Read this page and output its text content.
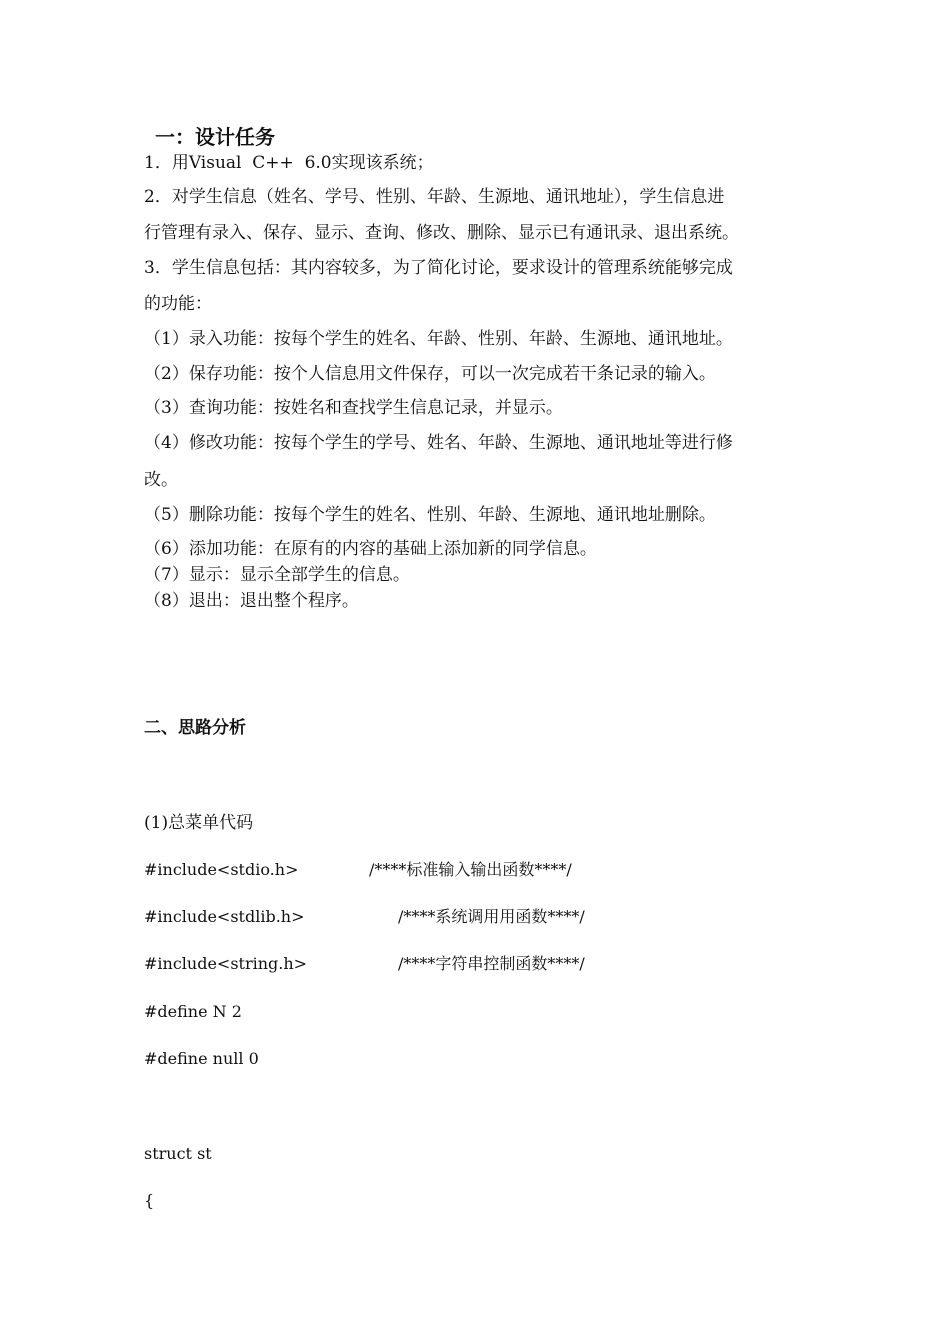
一：设计任务
1．用Visual  C++  6.0实现该系统；
2．对学生信息（姓名、学号、性别、年龄、生源地、通讯地址），学生信息进
行管理有录入、保存、显示、查询、修改、删除、显示已有通讯录、退出系统。
3．学生信息包括：其内容较多，为了简化讨论，要求设计的管理系统能够完成
的功能：
（1）录入功能：按每个学生的姓名、年龄、性别、年龄、生源地、通讯地址。
（2）保存功能：按个人信息用文件保存，可以一次完成若干条记录的输入。
（3）查询功能：按姓名和查找学生信息记录，并显示。
（4）修改功能：按每个学生的学号、姓名、年龄、生源地、通讯地址等进行修
改。
（5）删除功能：按每个学生的姓名、性别、年龄、生源地、通讯地址删除。
（6）添加功能：在原有的内容的基础上添加新的同学信息。
（7）显示：显示全部学生的信息。
（8）退出：退出整个程序。
二、思路分析
(1)总菜单代码
#include<stdio.h>	/****标准输入输出函数****/
#include<stdlib.h>	/****系统调用用函数****/
#include<string.h>	/****字符串控制函数****/
#define N 2
#define null 0
struct st
{
